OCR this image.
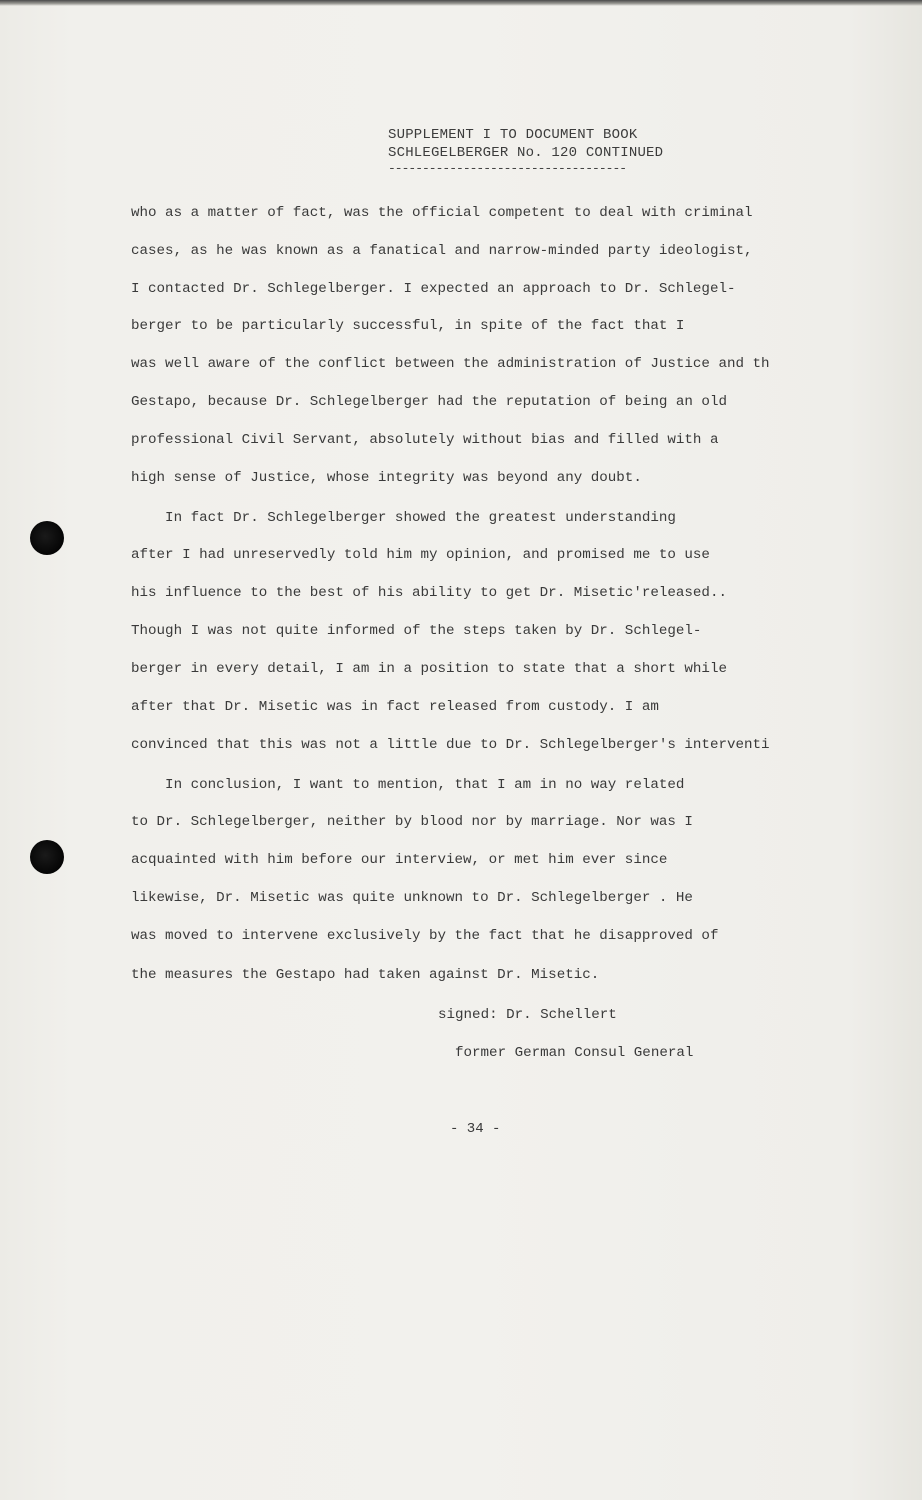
SUPPLEMENT I TO DOCUMENT BOOK
SCHLEGELBERGER No. 120 CONTINUED
-----------------------------------
who as a matter of fact, was the official competent to deal with criminal
cases, as he was known as a fanatical and narrow-minded party ideologist,
I contacted Dr. Schlegelberger. I expected an approach to Dr. Schlegel-
berger to be particularly successful, in spite of the fact that I
was well aware of the conflict between the administration of Justice and th
Gestapo, because Dr. Schlegelberger had the reputation of being an old
professional Civil Servant, absolutely without bias and filled with a
high sense of Justice, whose integrity was beyond any doubt.
In fact Dr. Schlegelberger showed the greatest understanding
after I had unreservedly told him my opinion, and promised me to use
his influence to the best of his ability to get Dr. Misetic'released..
Though I was not quite informed of the steps taken by Dr. Schlegel-
berger in every detail, I am in a position to state that a short while
after that Dr. Misetic was in fact released from custody. I am
convinced that this was not a little due to Dr. Schlegelberger's interventi
In conclusion, I want to mention, that I am in no way related
to Dr. Schlegelberger, neither by blood nor by marriage. Nor was I
acquainted with him before our interview, or met him ever since
likewise, Dr. Misetic was quite unknown to Dr. Schlegelberger . He
was moved to intervene exclusively by the fact that he disapproved of
the measures the Gestapo had taken against Dr. Misetic.
signed: Dr. Schellert
former German Consul General
- 34 -
